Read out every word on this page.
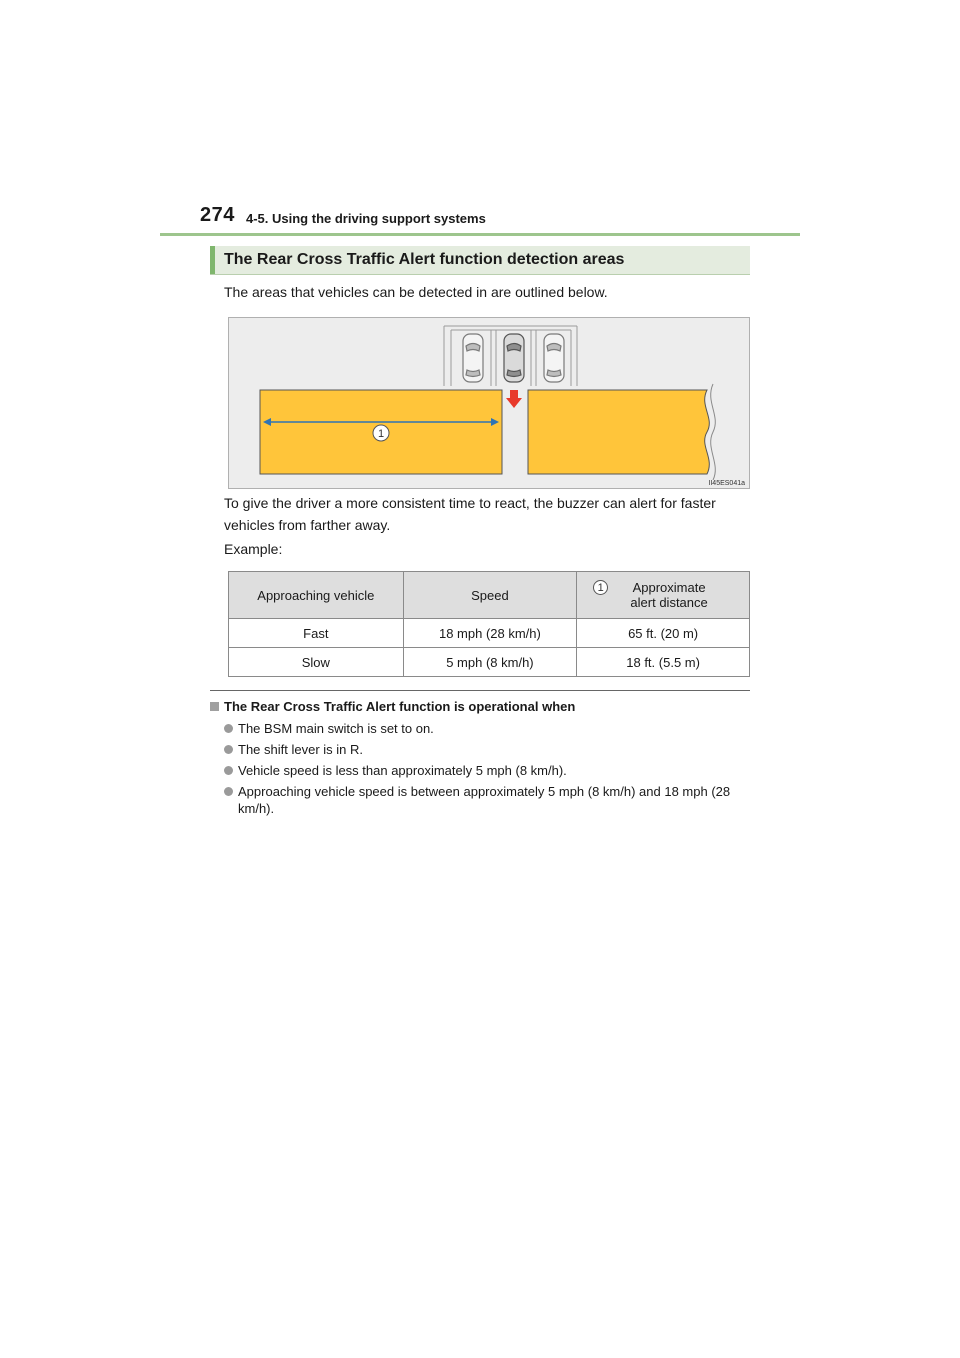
274 4-5. Using the driving support systems
The Rear Cross Traffic Alert function detection areas
The areas that vehicles can be detected in are outlined below.
1
II45ES041a
To give the driver a more consistent time to react, the buzzer can alert for faster vehicles from farther away.
Example:
Approaching vehicle	Speed	1 Approximate alert distance
Fast	18 mph (28 km/h)	65 ft. (20 m)
Slow	5 mph (8 km/h)	18 ft. (5.5 m)
The Rear Cross Traffic Alert function is operational when
The BSM main switch is set to on.
The shift lever is in R.
Vehicle speed is less than approximately 5 mph (8 km/h).
Approaching vehicle speed is between approximately 5 mph (8 km/h) and 18 mph (28 km/h).
